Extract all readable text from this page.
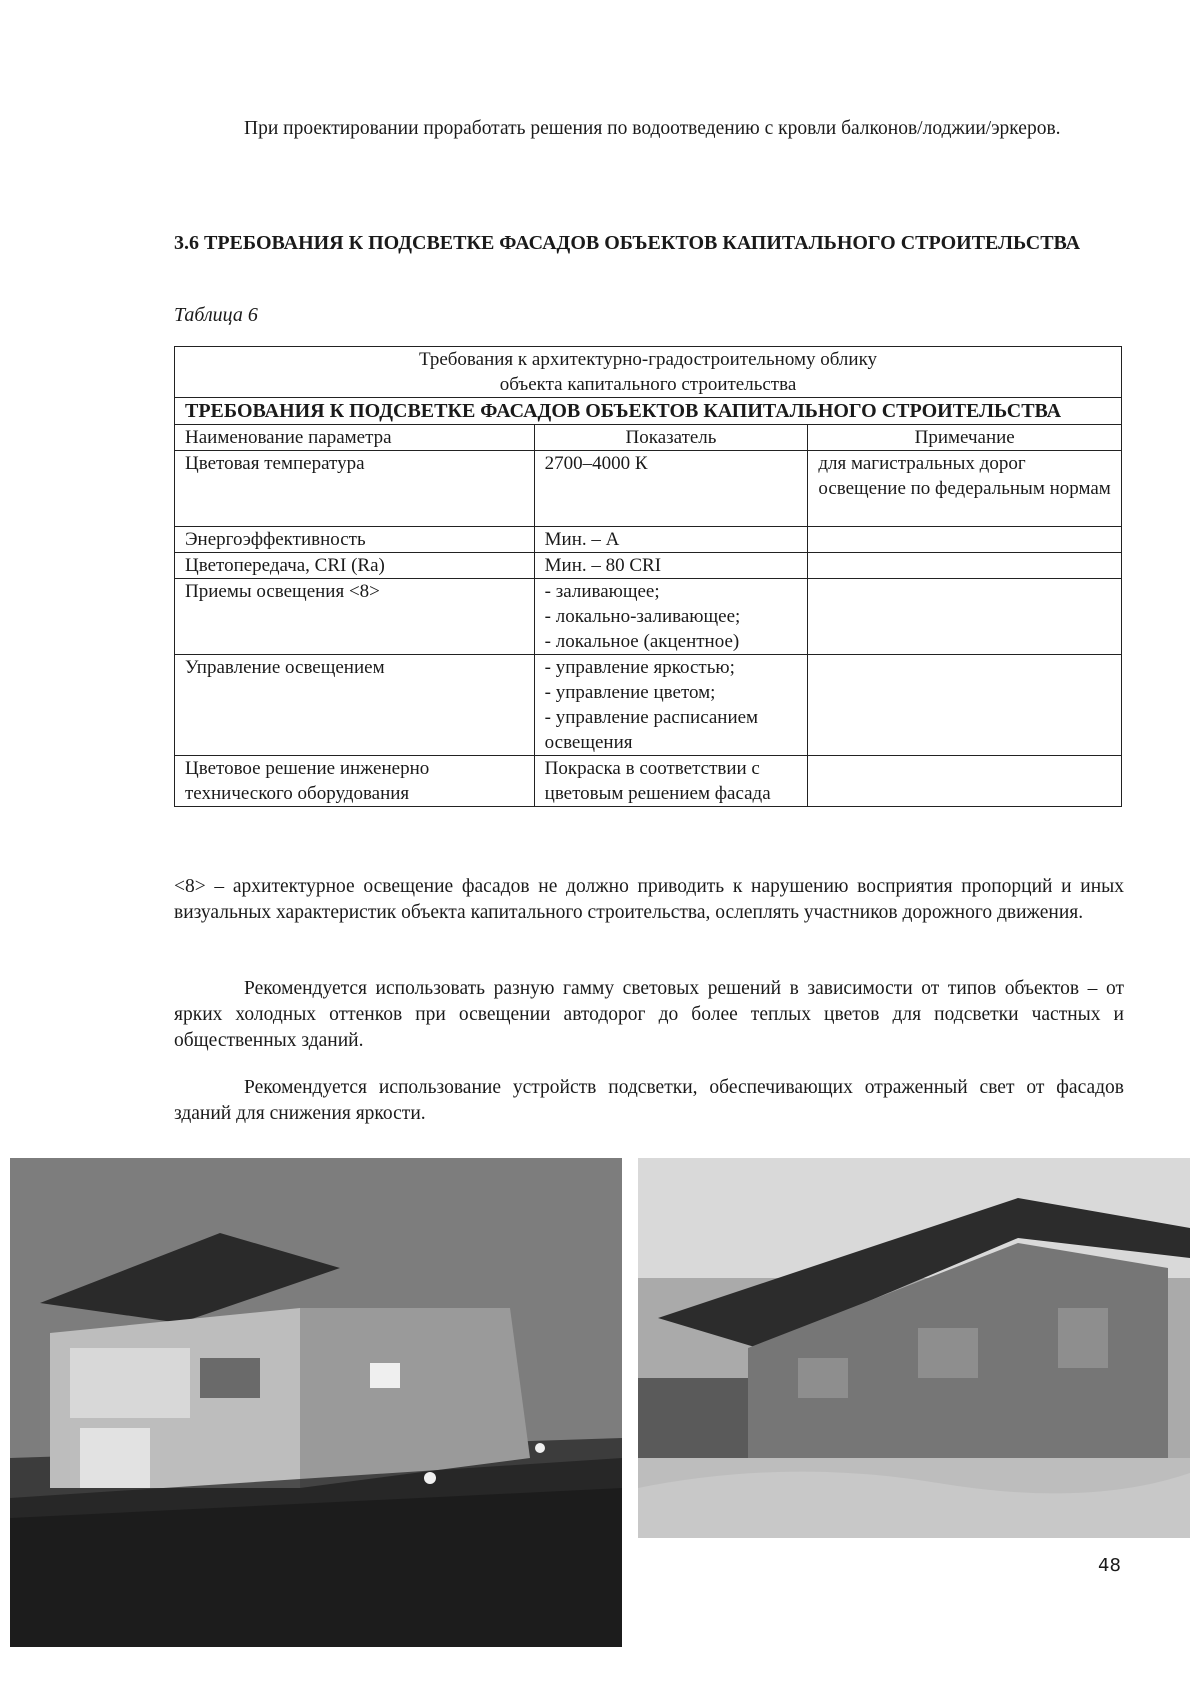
При проектировании проработать решения по водоотведению с кровли балконов/лоджии/эркеров.

3.6 ТРЕБОВАНИЯ К ПОДСВЕТКЕ ФАСАДОВ ОБЪЕКТОВ КАПИТАЛЬНОГО СТРОИТЕЛЬСТВА
Таблица 6
Требования к архитектурно-градостроительному облику
объекта капитального строительства		

ТРЕБОВАНИЯ К ПОДСВЕТКЕ ФАСАДОВ ОБЪЕКТОВ КАПИТАЛЬНОГО СТРОИТЕЛЬСТВА		
Наименование параметра	Показатель	Примечание
Цветовая температура	2700–4000 К	для магистральных дорог освещение по федеральным нормам
Энергоэффективность	Мин. – А	

Цветопередача, CRI (Ra)	Мин. – 80 CRI	

Приемы освещения <8>	- заливающее;
- локально-заливающее;
- локальное (акцентное)	

Управление освещением	- управление яркостью;
- управление цветом;
- управление расписанием освещения	

Цветовое решение инженерно технического оборудования	Покраска в соответствии с цветовым решением фасада	

<8> – архитектурное освещение фасадов не должно приводить к нарушению восприятия пропорций и иных визуальных характеристик объекта капитального строительства, ослеплять участников дорожного движения.

Рекомендуется использовать разную гамму световых решений в зависимости от типов объектов – от ярких холодных оттенков при освещении автодорог до более теплых цветов для подсветки частных и общественных зданий.

Рекомендуется использование устройств подсветки, обеспечивающих отраженный свет от фасадов зданий для снижения яркости.

48
